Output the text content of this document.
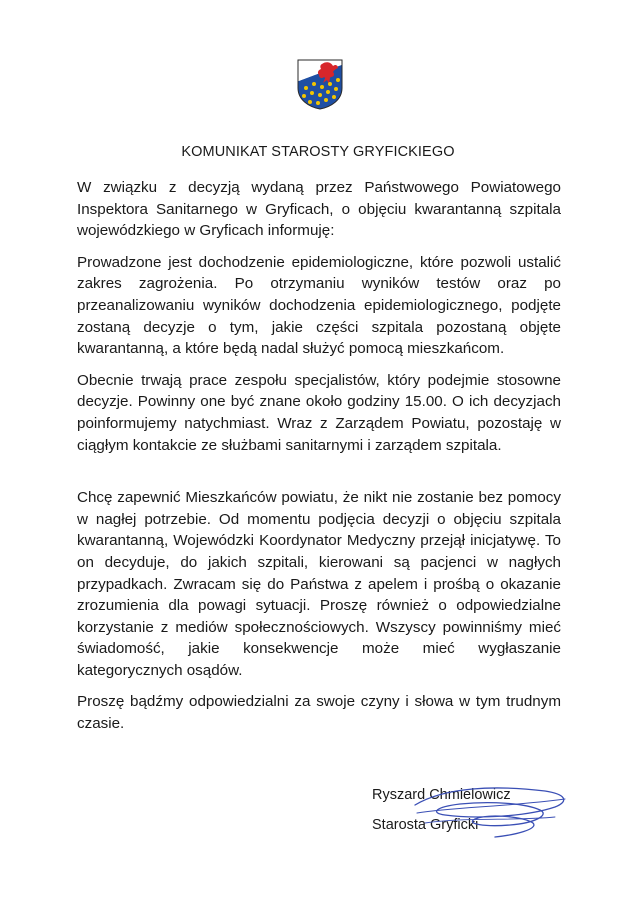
KOMUNIKAT STAROSTY GRYFICKIEGO

W związku z decyzją wydaną przez Państwowego Powiatowego Inspektora Sanitarnego w Gryficach, o objęciu kwarantanną szpitala wojewódzkiego w Gryficach informuję:

Prowadzone jest dochodzenie epidemiologiczne, które pozwoli ustalić zakres zagrożenia. Po otrzymaniu wyników testów oraz po przeanalizowaniu wyników dochodzenia epidemiologicznego, podjęte zostaną decyzje o tym, jakie części szpitala pozostaną objęte kwarantanną, a które będą nadal służyć pomocą mieszkańcom.

Obecnie trwają prace zespołu specjalistów, który podejmie stosowne decyzje. Powinny one być znane około godziny 15.00. O ich decyzjach poinformujemy natychmiast. Wraz z Zarządem Powiatu, pozostaję w ciągłym kontakcie ze służbami sanitarnymi i zarządem szpitala.

Chcę zapewnić Mieszkańców powiatu, że nikt nie zostanie bez pomocy w nagłej potrzebie. Od momentu podjęcia decyzji o objęciu szpitala kwarantanną, Wojewódzki Koordynator Medyczny przejął inicjatywę. To on decyduje, do jakich szpitali, kierowani są pacjenci w nagłych przypadkach. Zwracam się do Państwa z apelem i prośbą o okazanie zrozumienia dla powagi sytuacji. Proszę również o odpowiedzialne korzystanie z mediów społecznościowych. Wszyscy powinniśmy mieć świadomość, jakie konsekwencje może mieć wygłaszanie kategorycznych osądów.

Proszę bądźmy odpowiedzialni za swoje czyny i słowa w tym trudnym czasie.

Ryszard Chmielowicz
Starosta Gryficki
